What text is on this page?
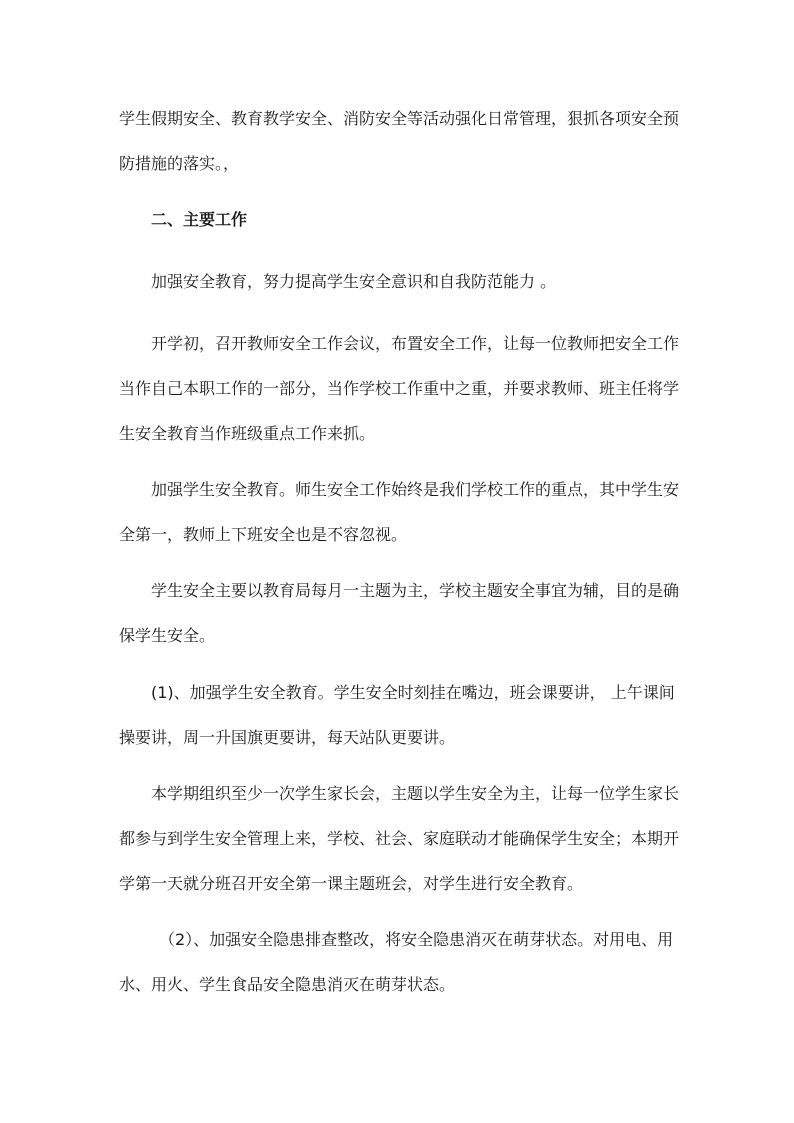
学生假期安全、教育教学安全、消防安全等活动强化日常管理，狠抓各项安全预
防措施的落实。，
二、主要工作
加强安全教育，努力提高学生安全意识和自我防范能力 。
开学初，召开教师安全工作会议，布置安全工作，让每一位教师把安全工作
当作自己本职工作的一部分，当作学校工作重中之重，并要求教师、班主任将学
生安全教育当作班级重点工作来抓。
加强学生安全教育。师生安全工作始终是我们学校工作的重点，其中学生安
全第一，教师上下班安全也是不容忽视。
学生安全主要以教育局每月一主题为主，学校主题安全事宜为辅，目的是确
保学生安全。
(1)、加强学生安全教育。学生安全时刻挂在嘴边，班会课要讲， 上午课间
操要讲，周一升国旗更要讲，每天站队更要讲。
本学期组织至少一次学生家长会，主题以学生安全为主，让每一位学生家长
都参与到学生安全管理上来，学校、社会、家庭联动才能确保学生安全；本期开
学第一天就分班召开安全第一课主题班会，对学生进行安全教育。
（2）、加强安全隐患排查整改，将安全隐患消灭在萌芽状态。对用电、用
水、用火、学生食品安全隐患消灭在萌芽状态。
